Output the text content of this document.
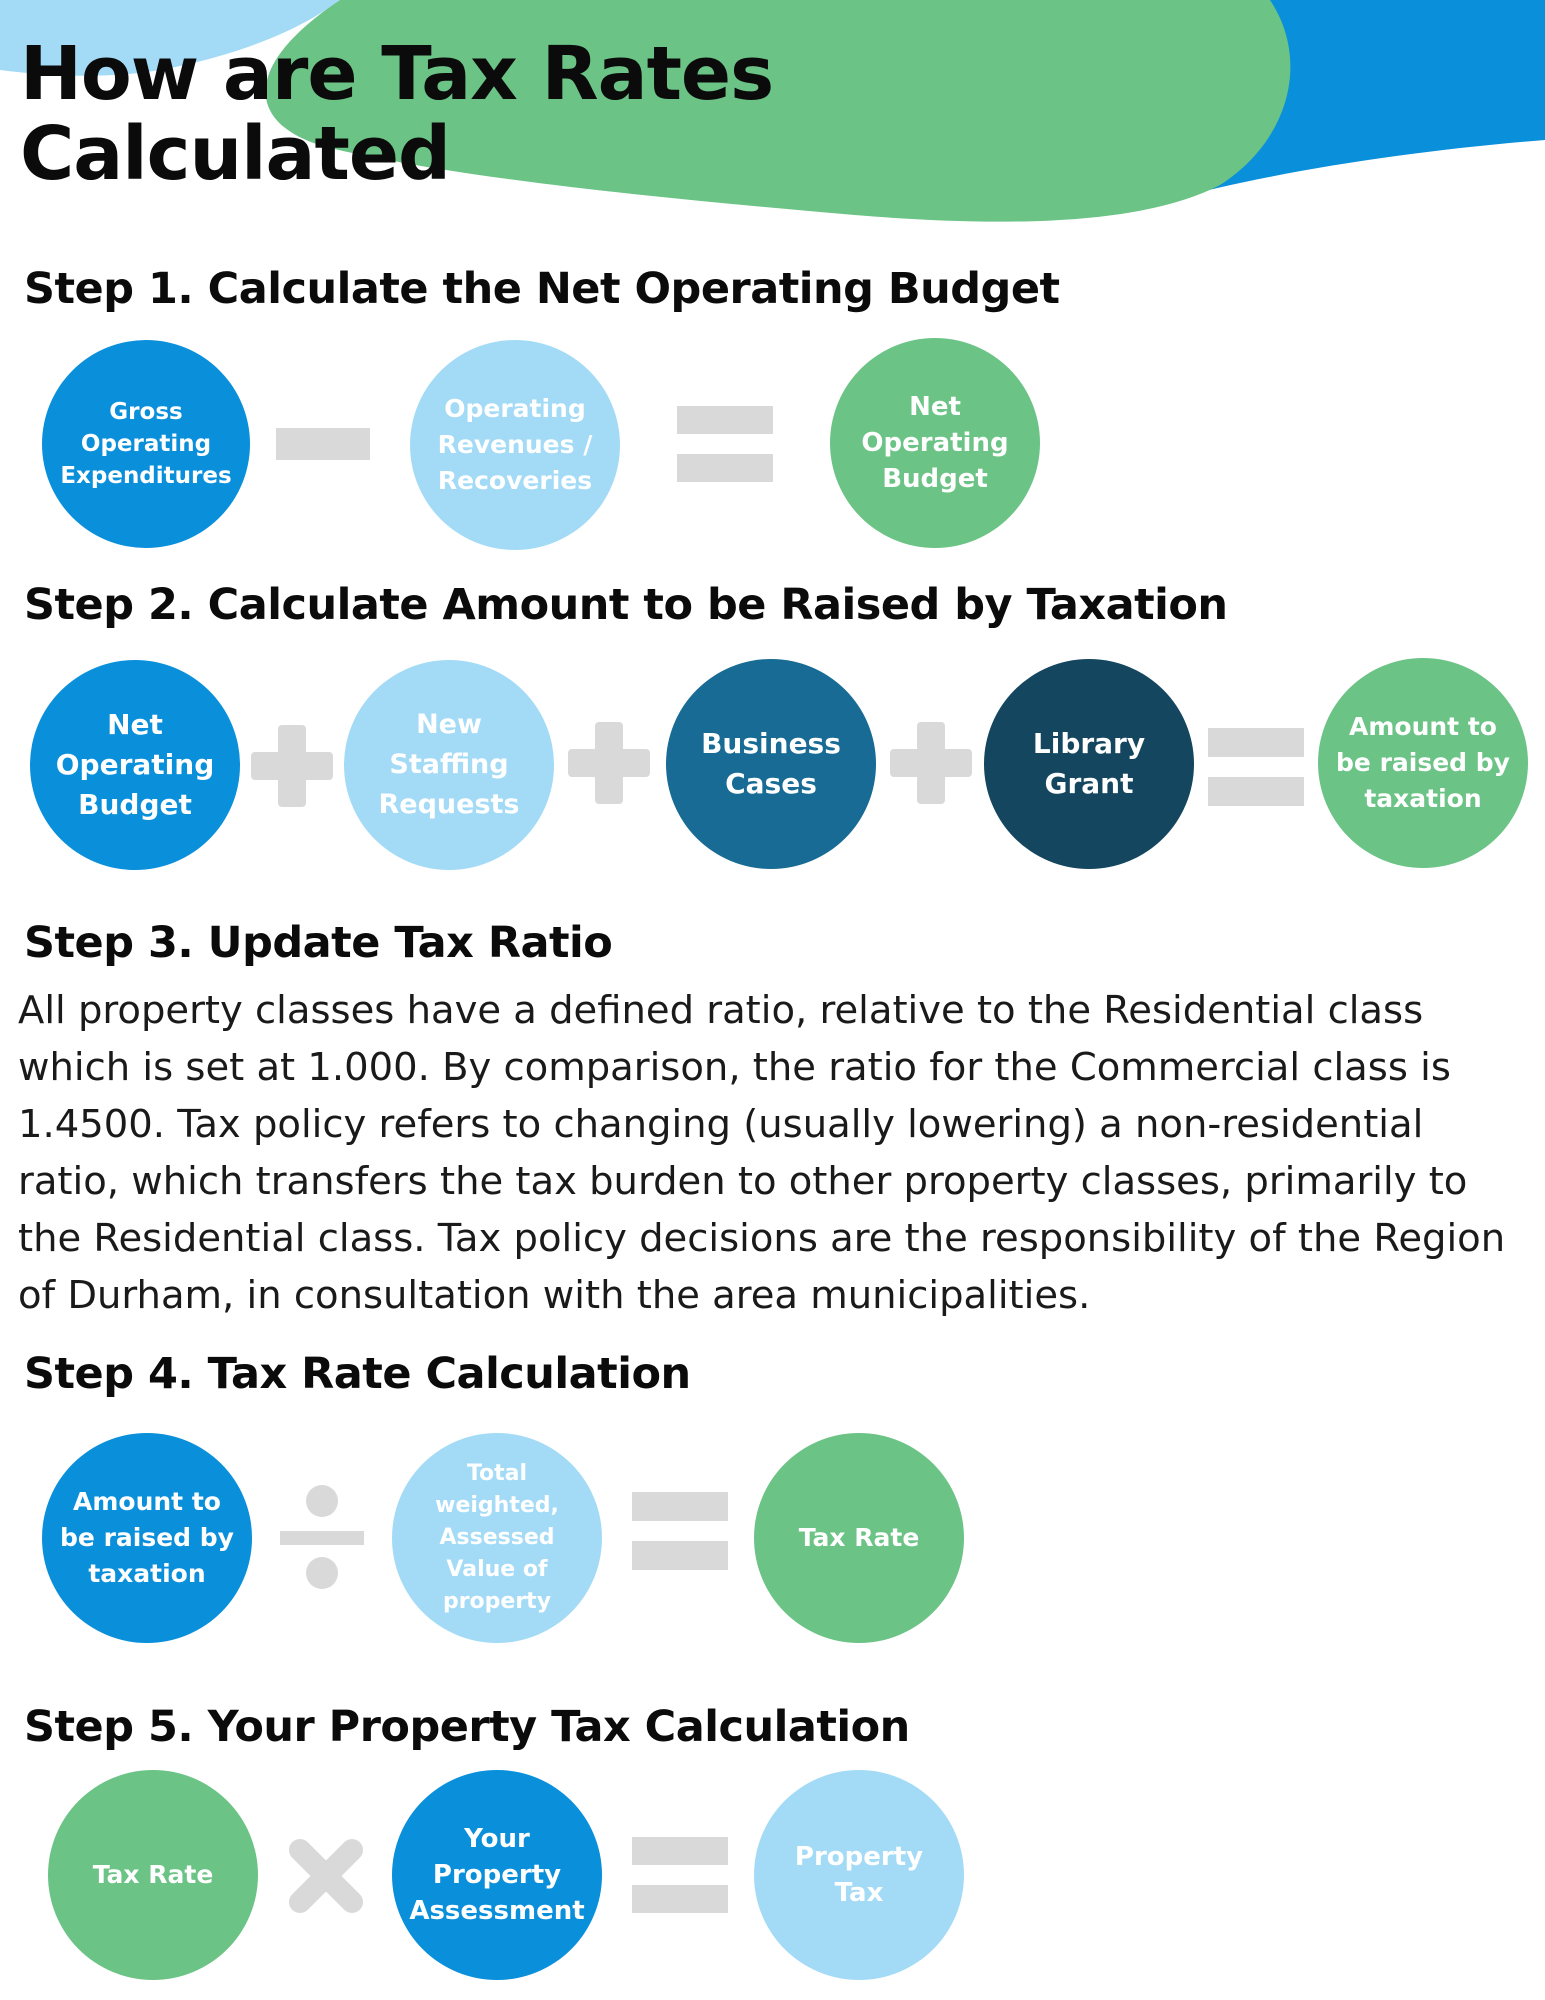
How are Tax Rates
Calculated
Step 1. Calculate the Net Operating Budget
Gross Operating Expenditures
Operating Revenues / Recoveries
Net Operating Budget
Step 2. Calculate Amount to be Raised by Taxation
Net Operating Budget
New Staffing Requests
Business Cases
Library Grant
Amount to be raised by taxation
Step 3. Update Tax Ratio

All property classes have a defined ratio, relative to the Residential class which is set at 1.000. By comparison, the ratio for the Commercial class is 1.4500. Tax policy refers to changing (usually lowering) a non-residential ratio, which transfers the tax burden to other property classes, primarily to the Residential class. Tax policy decisions are the responsibility of the Region of Durham, in consultation with the area municipalities.

Step 4. Tax Rate Calculation
Amount to be raised by taxation
Total weighted, Assessed Value of property
Tax Rate
Step 5. Your Property Tax Calculation
Tax Rate
Your Property Assessment
Property Tax
